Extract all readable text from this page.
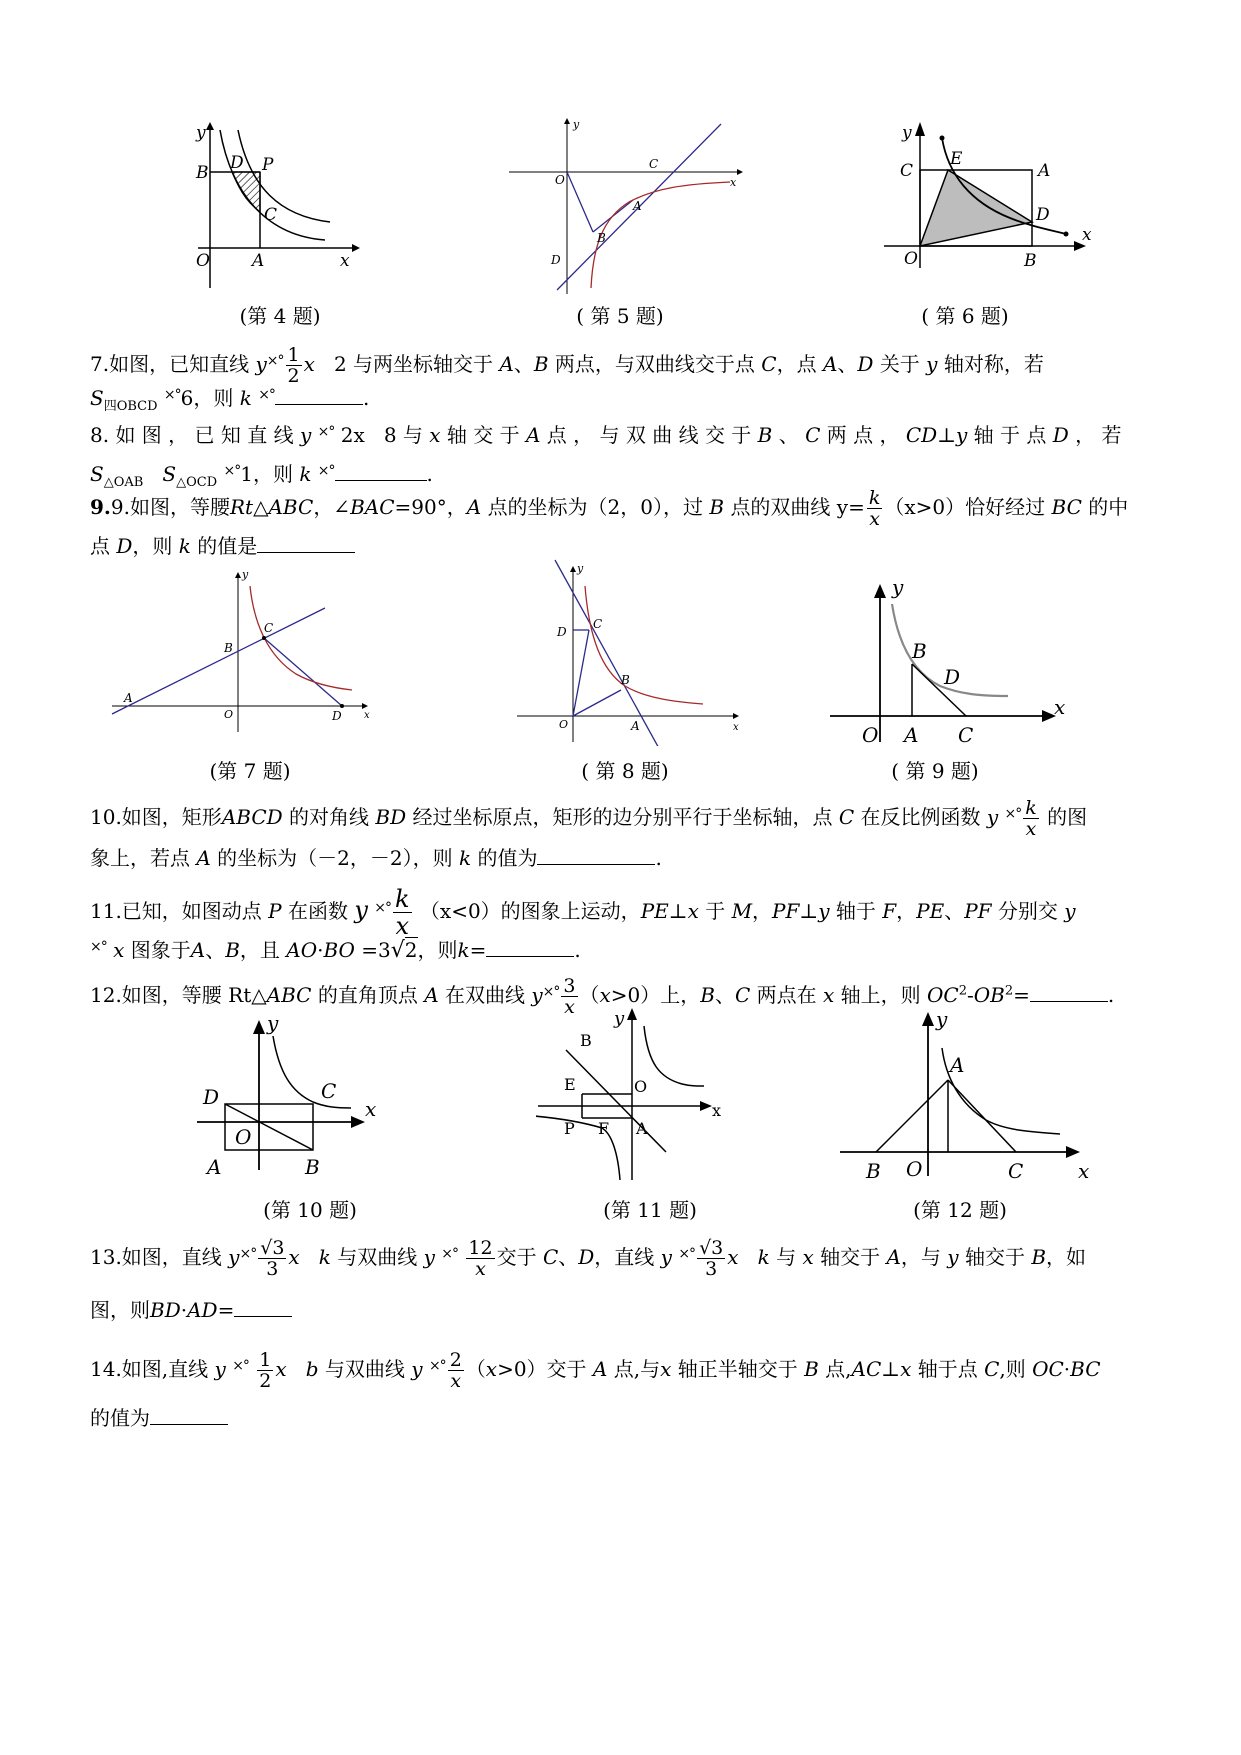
y
B D P
C
O A	x
(第 4 题)
y
C
O	x
A
B
D
( 第 5 题)
y
C
E
A
D
x
O	B
( 第 6 题)
7.如图，已知直线 $y^{\times^\circ} \frac{1}{2}$ x 2 与两坐标轴交于 A、B 两点，与双曲线交于点 C，点 A、D 关于 y 轴对称，若
$S_{四OBCD}$ ×°6，则 k ×°	.
8. 如 图 ， 已 知 直 线 y ×° 2x 8 与 x 轴 交 于 A 点 ， 与 双 曲 线 交 于 B 、 C 两 点 ， CD⊥y 轴 于 点 D ， 若
$S_{\triangle OAB}$ $S_{\triangle OCD}$ ×°1，则 k ×°	.
9.9.如图，等腰Rt△ABC，∠BAC=90°，A 点的坐标为（2，0），过 B 点的双曲线 $y= \frac{k}{x} (x>0)$恰好经过 BC 的中
点 D，则 k 的值是
y
C
B
A
O	D x
(第 7 题)
y
D
C
B
O	A	x
( 第 8 题)
y
B
D
x
O A C
( 第 9 题)
10.如图，矩形ABCD 的对角线 BD 经过坐标原点，矩形的边分别平行于坐标轴，点 C 在反比例函数 y $^{\times^\circ} \frac{k}{x}$ 的图
象上，若点 A 的坐标为（－2，－2），则 k 的值为	.
11.已知，如图动点 P 在函数 y $^{\times^\circ} \frac{k}{x} (x<0)$的图象上运动，PE⊥x 于 M，PF⊥y 轴于 F，PE、PF 分别交 y
×° x 图象于A、B，且 AO·BO =3√2，则k=	.
12.如图，等腰 Rt△ABC 的直角顶点 A 在双曲线 $y^{\times^\circ} \frac{3}{x} (x>0)$上，B、C 两点在 x 轴上，则 $OC^2-OB^2=$	.
y
D	C
x
O
A	B
(第 10 题)
y
B
E	O
x
P F A
(第 11 题)
y
A
B O	C	x
(第 12 题)
13.如图，直线 $y^{\times^\circ} \frac{√3}{3}$ x k 与双曲线 y $^{\times^\circ} \frac{12}{x}$ 交于 C、D，直线 y $^{\times^\circ} \frac{√3}{3}$ x k 与 x 轴交于 A，与 y 轴交于 B，如
图，则BD·AD=
14.如图,直线 y $^{\times^\circ} \frac{1}{2}$ x b 与双曲线 y $^{\times^\circ} \frac{2}{x} (x>0)$交于 A 点,与x 轴正半轴交于 B 点,AC⊥x 轴于点 C,则 OC·BC
的值为
